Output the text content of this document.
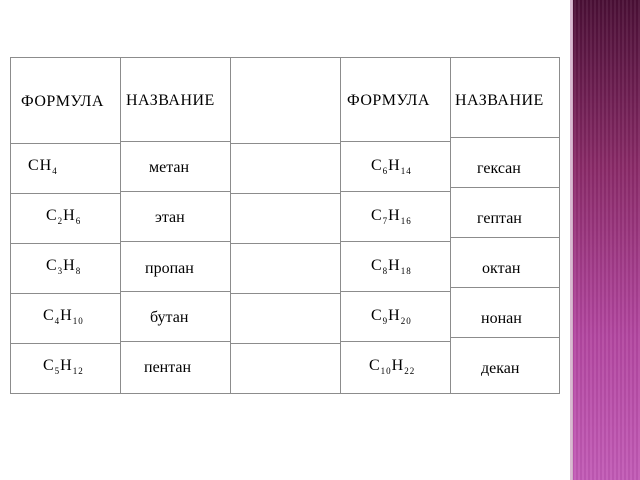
ФОРМУЛА НАЗВАНИЕ	ФОРМУЛА НАЗВАНИЕ
$CH_4$
$C_2H_6$
$C_3H_8$
$C_4H_{10}$
$C_5H_{12}$
метан
этан
пропан
бутан
пентан
$C_6H_{14}$
$C_7H_{16}$
$C_8H_{18}$
$C_9H_{20}$
$C_{10}H_{22}$
гексан
гептан
октан
нонан
декан
